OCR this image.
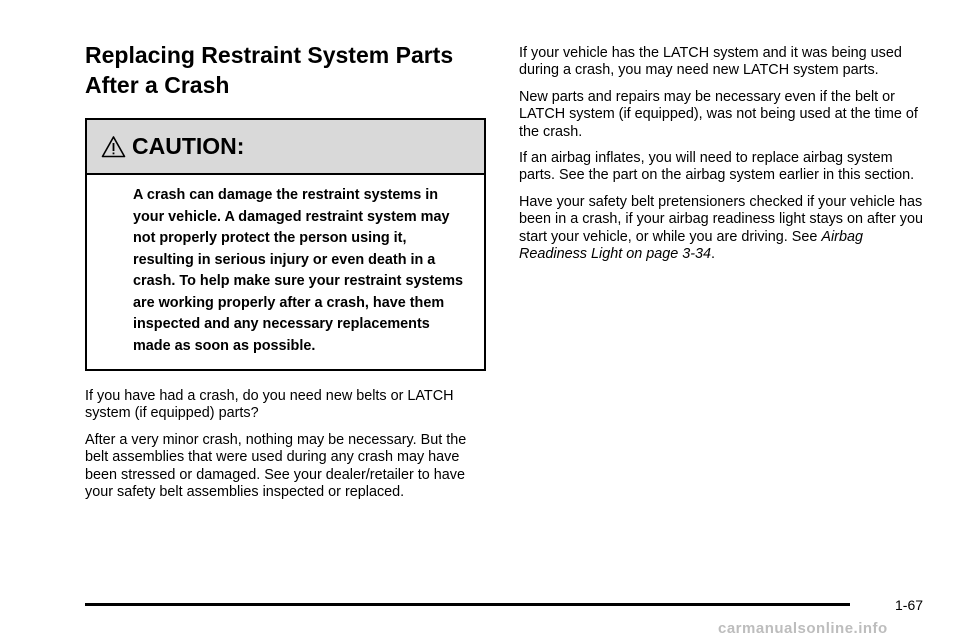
Replacing Restraint System Parts
After a Crash
CAUTION:
A crash can damage the restraint systems in your vehicle. A damaged restraint system may not properly protect the person using it, resulting in serious injury or even death in a crash. To help make sure your restraint systems are working properly after a crash, have them inspected and any necessary replacements made as soon as possible.

If you have had a crash, do you need new belts or LATCH system (if equipped) parts?

After a very minor crash, nothing may be necessary. But the belt assemblies that were used during any crash may have been stressed or damaged. See your dealer/retailer to have your safety belt assemblies inspected or replaced.

If your vehicle has the LATCH system and it was being used during a crash, you may need new LATCH system parts.

New parts and repairs may be necessary even if the belt or LATCH system (if equipped), was not being used at the time of the crash.

If an airbag inflates, you will need to replace airbag system parts. See the part on the airbag system earlier in this section.

Have your safety belt pretensioners checked if your vehicle has been in a crash, if your airbag readiness light stays on after you start your vehicle, or while you are driving. See Airbag Readiness Light on page 3-34.

1-67
carmanualsonline.info
